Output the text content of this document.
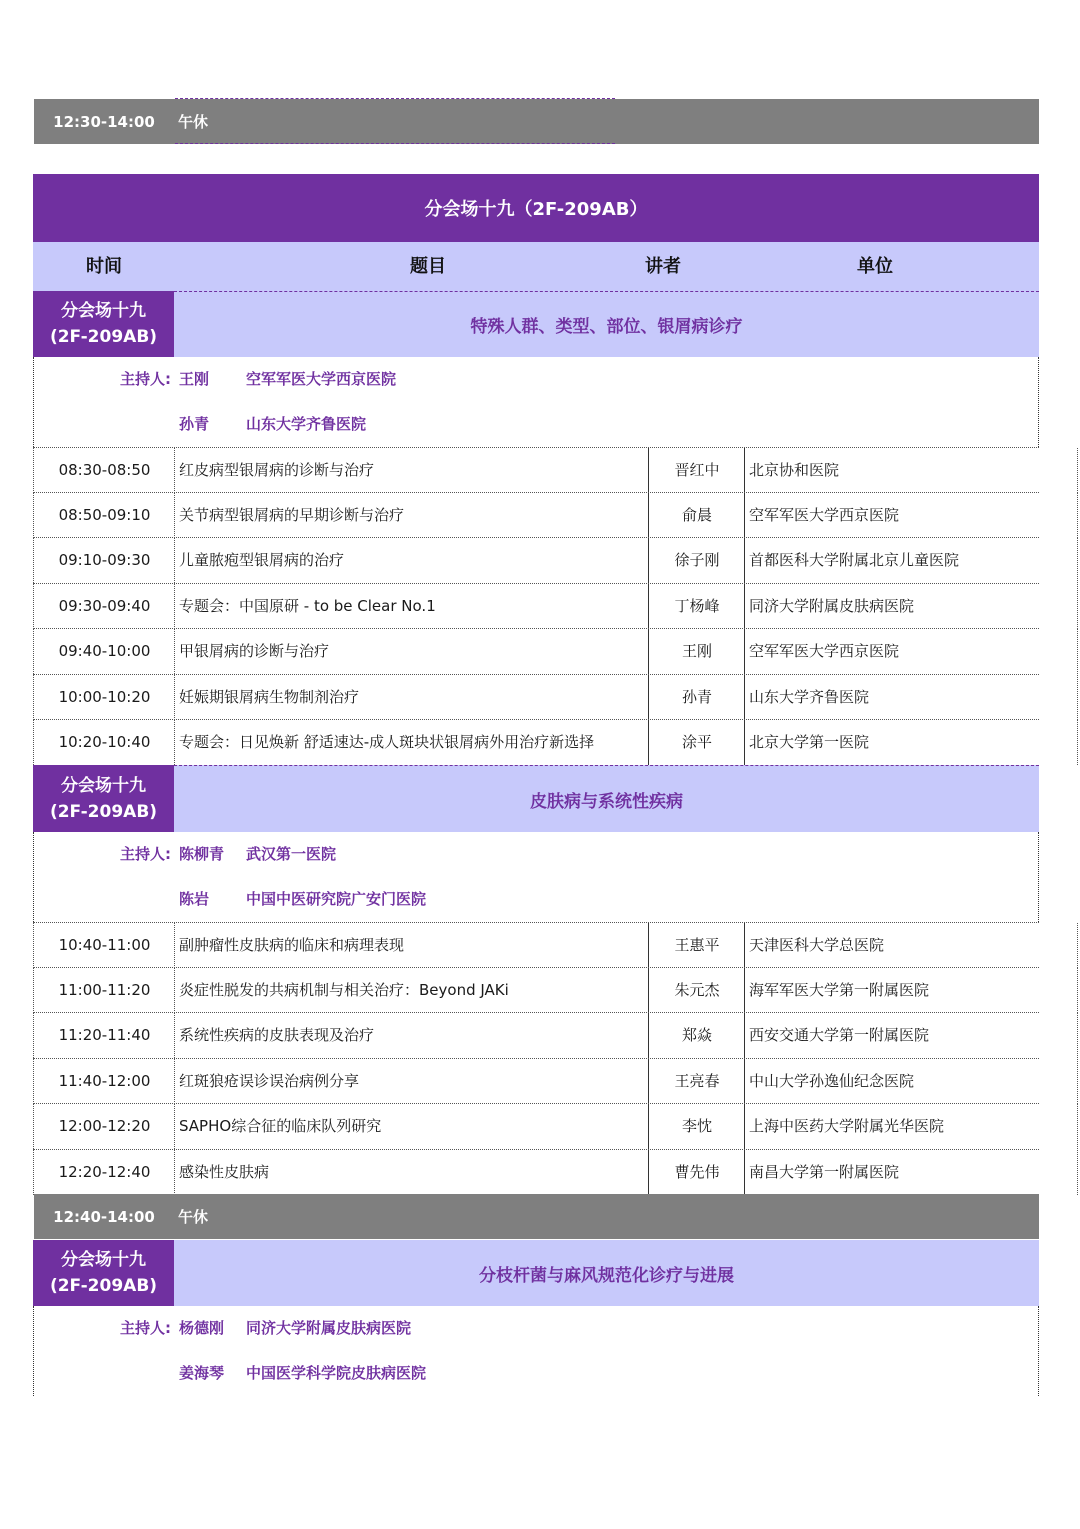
12:30-14:00	午休
分会场十九（2F-209AB）
时间	题目	讲者	单位
分会场十九
(2F-209AB)	特殊人群、类型、部位、银屑病诊疗
主持人: 王刚 空军军医大学西京医院
孙青 山东大学齐鲁医院
08:30-08:50	红皮病型银屑病的诊断与治疗	晋红中	北京协和医院
08:50-09:10	关节病型银屑病的早期诊断与治疗	俞晨	空军军医大学西京医院
09:10-09:30	儿童脓疱型银屑病的治疗	徐子刚	首都医科大学附属北京儿童医院
09:30-09:40	专题会：中国原研 - to be Clear No.1	丁杨峰	同济大学附属皮肤病医院
09:40-10:00	甲银屑病的诊断与治疗	王刚	空军军医大学西京医院
10:00-10:20	妊娠期银屑病生物制剂治疗	孙青	山东大学齐鲁医院
10:20-10:40	专题会：日见焕新 舒适速达-成人斑块状银屑病外用治疗新选择	涂平	北京大学第一医院
分会场十九
(2F-209AB)	皮肤病与系统性疾病
主持人: 陈柳青 武汉第一医院
陈岩 中国中医研究院广安门医院
10:40-11:00	副肿瘤性皮肤病的临床和病理表现	王惠平	天津医科大学总医院
11:00-11:20	炎症性脱发的共病机制与相关治疗：Beyond JAKi	朱元杰	海军军医大学第一附属医院
11:20-11:40	系统性疾病的皮肤表现及治疗	郑焱	西安交通大学第一附属医院
11:40-12:00	红斑狼疮误诊误治病例分享	王亮春	中山大学孙逸仙纪念医院
12:00-12:20	SAPHO综合征的临床队列研究	李忱	上海中医药大学附属光华医院
12:20-12:40	感染性皮肤病	曹先伟	南昌大学第一附属医院
12:40-14:00	午休
分会场十九
(2F-209AB)
分枝杆菌与麻风规范化诊疗与进展
主持人: 杨德刚 同济大学附属皮肤病医院
姜海琴 中国医学科学院皮肤病医院
